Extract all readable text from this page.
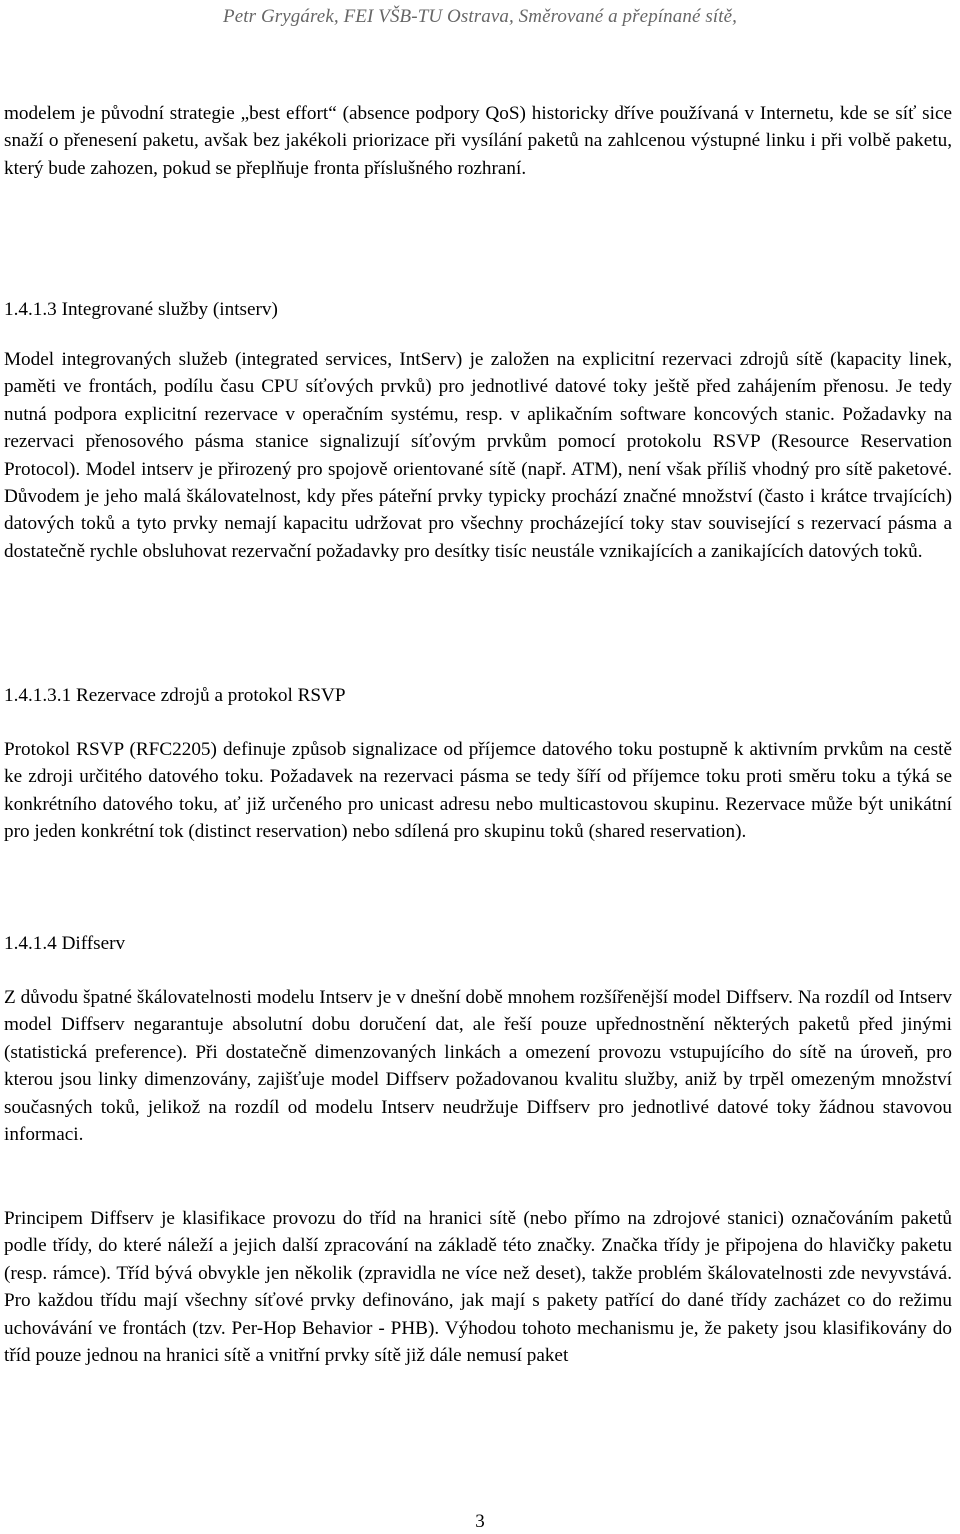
Petr Grygárek, FEI VŠB-TU Ostrava, Směrované a přepínané sítě,
modelem je původní strategie „best effort“ (absence podpory QoS) historicky dříve používaná v Internetu, kde se síť sice snaží o přenesení paketu, avšak bez jakékoli priorizace při vysílání paketů na zahlcenou výstupné linku i při volbě paketu, který bude zahozen, pokud se přeplňuje fronta příslušného rozhraní.
1.4.1.3 Integrované služby (intserv)
Model integrovaných služeb (integrated services, IntServ) je založen na explicitní rezervaci zdrojů sítě (kapacity linek, paměti ve frontách, podílu času CPU síťových prvků) pro jednotlivé datové toky ještě před zahájením přenosu. Je tedy nutná podpora explicitní rezervace v operačním systému, resp. v aplikačním software koncových stanic. Požadavky na rezervaci přenosového pásma stanice signalizují síťovým prvkům pomocí protokolu RSVP (Resource Reservation Protocol). Model intserv je přirozený pro spojově orientované sítě (např. ATM), není však příliš vhodný pro sítě paketové. Důvodem je jeho malá škálovatelnost, kdy přes páteřní prvky typicky prochází značné množství (často i krátce trvajících) datových toků a tyto prvky nemají kapacitu udržovat pro všechny procházející toky stav související s rezervací pásma a dostatečně rychle obsluhovat rezervační požadavky pro desítky tisíc neustále vznikajících a zanikajících datových toků.
1.4.1.3.1 Rezervace zdrojů a protokol RSVP
Protokol RSVP (RFC2205) definuje způsob signalizace od příjemce datového toku postupně k aktivním prvkům na cestě ke zdroji určitého datového toku. Požadavek na rezervaci pásma se tedy šíří od příjemce toku proti směru toku a týká se konkrétního datového toku, ať již určeného pro unicast adresu nebo multicastovou skupinu. Rezervace může být unikátní pro jeden konkrétní tok (distinct reservation) nebo sdílená pro skupinu toků (shared reservation).
1.4.1.4 Diffserv
Z důvodu špatné škálovatelnosti modelu Intserv je v dnešní době mnohem rozšířenější model Diffserv. Na rozdíl od Intserv model Diffserv negarantuje absolutní dobu doručení dat, ale řeší pouze upřednostnění některých paketů před jinými (statistická preference). Při dostatečně dimenzovaných linkách a omezení provozu vstupujícího do sítě na úroveň, pro kterou jsou linky dimenzovány, zajišťuje model Diffserv požadovanou kvalitu služby, aniž by trpěl omezeným množství současných toků, jelikož na rozdíl od modelu Intserv neudržuje Diffserv pro jednotlivé datové toky žádnou stavovou informaci.
Principem Diffserv je klasifikace provozu do tříd na hranici sítě (nebo přímo na zdrojové stanici) označováním paketů podle třídy, do které náleží a jejich další zpracování na základě této značky. Značka třídy je připojena do hlavičky paketu (resp. rámce). Tříd bývá obvykle jen několik (zpravidla ne více než deset), takže problém škálovatelnosti zde nevyvstává. Pro každou třídu mají všechny síťové prvky definováno, jak mají s pakety patřící do dané třídy zacházet co do režimu uchovávání ve frontách (tzv. Per-Hop Behavior - PHB). Výhodou tohoto mechanismu je, že pakety jsou klasifikovány do tříd pouze jednou na hranici sítě a vnitřní prvky sítě již dále nemusí paket
3
